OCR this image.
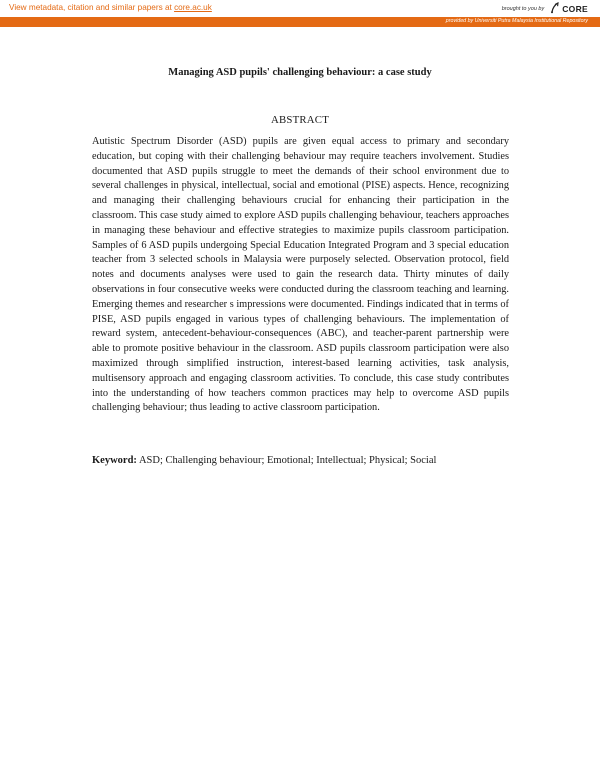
View metadata, citation and similar papers at core.ac.uk	brought to you by CORE
provided by Universiti Putra Malaysia Institutional Repository
Managing ASD pupils' challenging behaviour: a case study
ABSTRACT
Autistic Spectrum Disorder (ASD) pupils are given equal access to primary and secondary education, but coping with their challenging behaviour may require teachers involvement. Studies documented that ASD pupils struggle to meet the demands of their school environment due to several challenges in physical, intellectual, social and emotional (PISE) aspects. Hence, recognizing and managing their challenging behaviours crucial for enhancing their participation in the classroom. This case study aimed to explore ASD pupils challenging behaviour, teachers approaches in managing these behaviour and effective strategies to maximize pupils classroom participation. Samples of 6 ASD pupils undergoing Special Education Integrated Program and 3 special education teacher from 3 selected schools in Malaysia were purposely selected. Observation protocol, field notes and documents analyses were used to gain the research data. Thirty minutes of daily observations in four consecutive weeks were conducted during the classroom teaching and learning. Emerging themes and researcher s impressions were documented. Findings indicated that in terms of PISE, ASD pupils engaged in various types of challenging behaviours. The implementation of reward system, antecedent-behaviour-consequences (ABC), and teacher-parent partnership were able to promote positive behaviour in the classroom. ASD pupils classroom participation were also maximized through simplified instruction, interest-based learning activities, task analysis, multisensory approach and engaging classroom activities. To conclude, this case study contributes into the understanding of how teachers common practices may help to overcome ASD pupils challenging behaviour; thus leading to active classroom participation.
Keyword: ASD; Challenging behaviour; Emotional; Intellectual; Physical; Social
